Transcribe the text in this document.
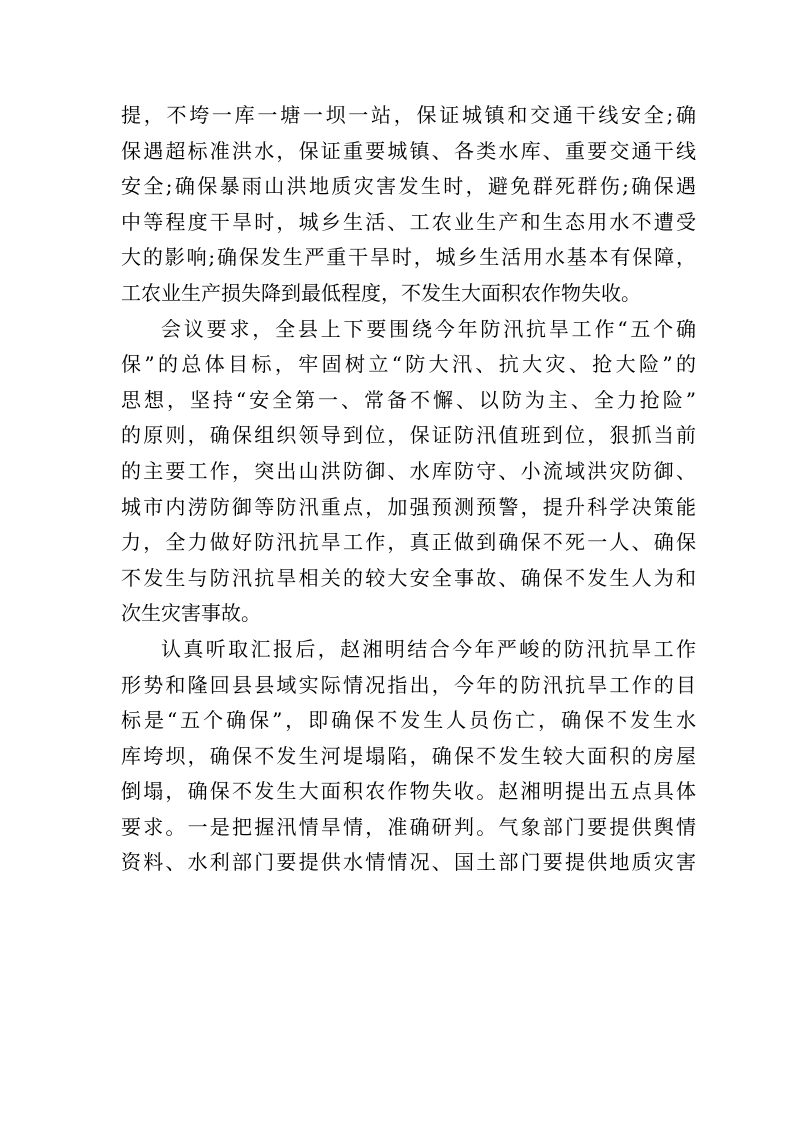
提，不垮一库一塘一坝一站，保证城镇和交通干线安全;确
保遇超标准洪水，保证重要城镇、各类水库、重要交通干线
安全;确保暴雨山洪地质灾害发生时，避免群死群伤;确保遇
中等程度干旱时，城乡生活、工农业生产和生态用水不遭受
大的影响;确保发生严重干旱时，城乡生活用水基本有保障，
工农业生产损失降到最低程度，不发生大面积农作物失收。
会议要求，全县上下要围绕今年防汛抗旱工作“五个确
保”的总体目标，牢固树立“防大汛、抗大灾、抢大险”的
思想，坚持“安全第一、常备不懈、以防为主、全力抢险”
的原则，确保组织领导到位，保证防汛值班到位，狠抓当前
的主要工作，突出山洪防御、水库防守、小流域洪灾防御、
城市内涝防御等防汛重点，加强预测预警，提升科学决策能
力，全力做好防汛抗旱工作，真正做到确保不死一人、确保
不发生与防汛抗旱相关的较大安全事故、确保不发生人为和
次生灾害事故。
认真听取汇报后，赵湘明结合今年严峻的防汛抗旱工作
形势和隆回县县域实际情况指出，今年的防汛抗旱工作的目
标是“五个确保”，即确保不发生人员伤亡，确保不发生水
库垮坝，确保不发生河堤塌陷，确保不发生较大面积的房屋
倒塌，确保不发生大面积农作物失收。赵湘明提出五点具体
要求。一是把握汛情旱情，准确研判。气象部门要提供舆情
资料、水利部门要提供水情情况、国土部门要提供地质灾害
